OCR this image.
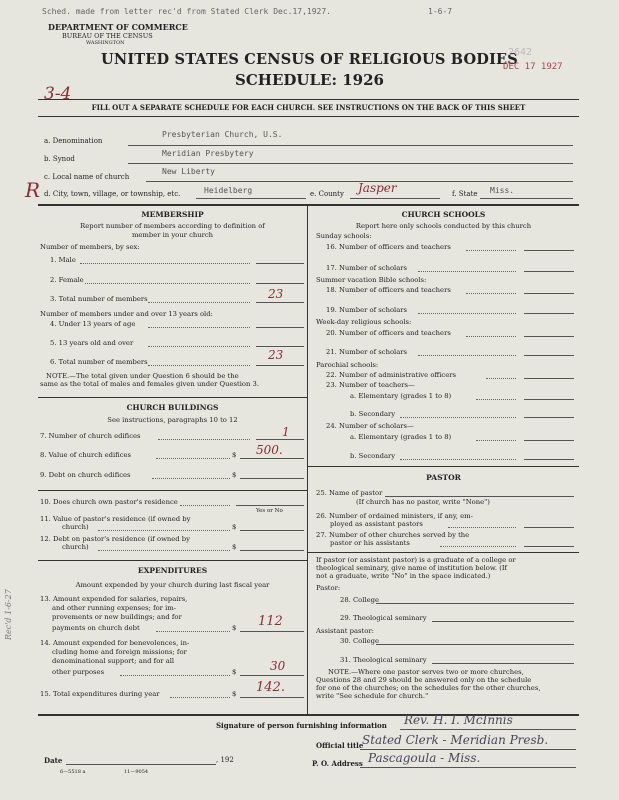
Sched. made from letter rec'd from Stated Clerk Dec.17,1927.	1-6-7
DEPARTMENT OF COMMERCE
BUREAU OF THE CENSUS
WASHINGTON
UNITED STATES CENSUS OF RELIGIOUS BODIES
SCHEDULE: 1926
2642
DEC 17 1927
3-4
FILL OUT A SEPARATE SCHEDULE FOR EACH CHURCH. SEE INSTRUCTIONS ON THE BACK OF THIS SHEET
a. Denomination
Presbyterian Church, U.S.
b. Synod
Meridian Presbytery
c. Local name of church
New Liberty
R d. City, town, village, or township, etc.	Heidelberg	e. County Jasper	f. State Miss.
MEMBERSHIP
Report number of members according to definition of
member in your church
Number of members, by sex:
1. Male
2. Female
3. Total number of members	23
Number of members under and over 13 years old:
4. Under 13 years of age
5. 13 years old and over
6. Total number of members	23
NOTE.—The total given under Question 6 should be the
same as the total of males and females given under Question 3.
CHURCH BUILDINGS
See instructions, paragraphs 10 to 12
7. Number of church edifices	1
8. Value of church edifices	$ 500.
9. Debt on church edifices	$
10. Does church own pastor's residence
Yes or No
11. Value of pastor's residence (if owned by
church)	$
12. Debt on pastor's residence (if owned by
church)	$
EXPENDITURES
Amount expended by your church during last fiscal year
13. Amount expended for salaries, repairs,
and other running expenses; for im-
provements or new buildings; and for
payments on church debt	$ 112
14. Amount expended for benevolences, in-
cluding home and foreign missions; for
denominational support; and for all
other purposes	$	30
15. Total expenditures during year	$ 142.
Rec'd 1-6-27
CHURCH SCHOOLS
Report here only schools conducted by this church
Sunday schools:
16. Number of officers and teachers
17. Number of scholars
Summer vacation Bible schools:
18. Number of officers and teachers
19. Number of scholars
Week-day religious schools:
20. Number of officers and teachers
21. Number of scholars
Parochial schools:
22. Number of administrative officers
23. Number of teachers—
a. Elementary (grades 1 to 8)
b. Secondary
24. Number of scholars—
a. Elementary (grades 1 to 8)
b. Secondary
PASTOR
25. Name of pastor
(If church has no pastor, write "None")
26. Number of ordained ministers, if any, em-
ployed as assistant pastors
27. Number of other churches served by the
pastor or his assistants
If pastor (or assistant pastor) is a graduate of a college or
theological seminary, give name of institution below. (If
not a graduate, write "No" in the space indicated.)
Pastor:
28. College
29. Theological seminary
Assistant pastor:
30. College
31. Theological seminary
NOTE.—Where one pastor serves two or more churches,
Questions 28 and 29 should be answered only on the schedule
for one of the churches; on the schedules for the other churches,
write "See schedule for church."
Signature of person furnishing information Rev. H. I. McInnis
Official title
Stated Clerk - Meridian Presb.
Date	, 192	P. O. Address Pascagoula - Miss.
6—5518 a	11—9054
